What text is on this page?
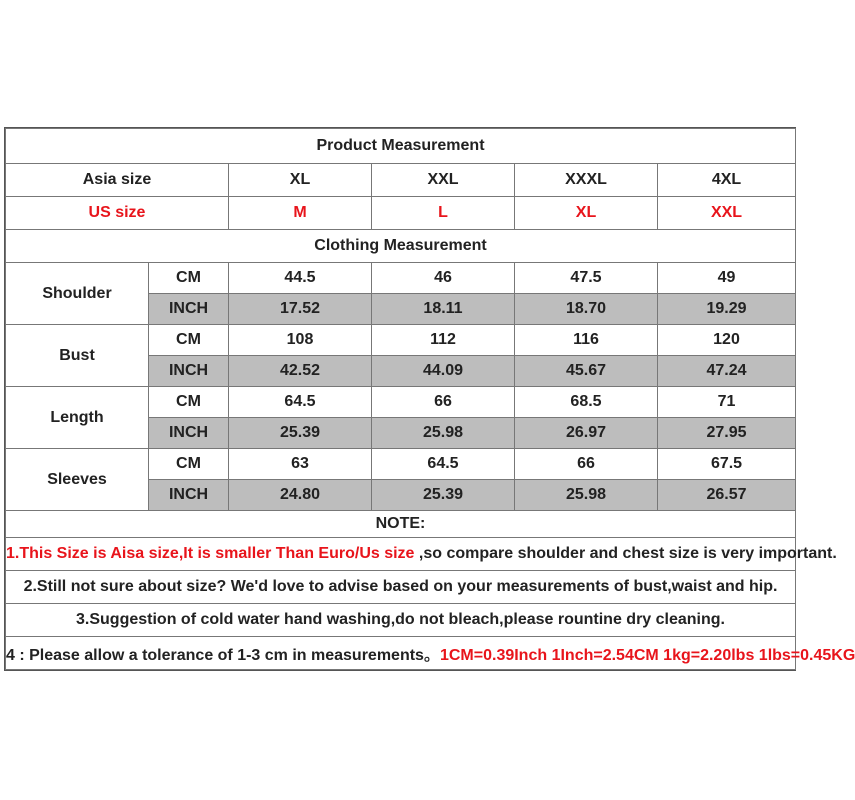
Product Measurement					
Asia size		XL	XXL	XXXL	4XL
US size		M	L	XL	XXL
Clothing Measurement					
Shoulder	CM	44.5	46	47.5	49
	INCH	17.52	18.11	18.70	19.29
Bust	CM	108	112	116	120
	INCH	42.52	44.09	45.67	47.24
Length	CM	64.5	66	68.5	71
	INCH	25.39	25.98	26.97	27.95
Sleeves	CM	63	64.5	66	67.5
	INCH	24.80	25.39	25.98	26.57
NOTE:					
1.This Size is Aisa size,It is smaller Than Euro/Us size ,so compare shoulder and chest size is very important.					
2.Still not sure about size? We'd love to advise based on your measurements of bust,waist and hip.					
3.Suggestion of cold water hand washing,do not bleach,please rountine dry cleaning.					
4 : Please allow a tolerance of 1-3 cm in measurements。1CM=0.39Inch 1Inch=2.54CM 1kg=2.20lbs 1lbs=0.45KG					
